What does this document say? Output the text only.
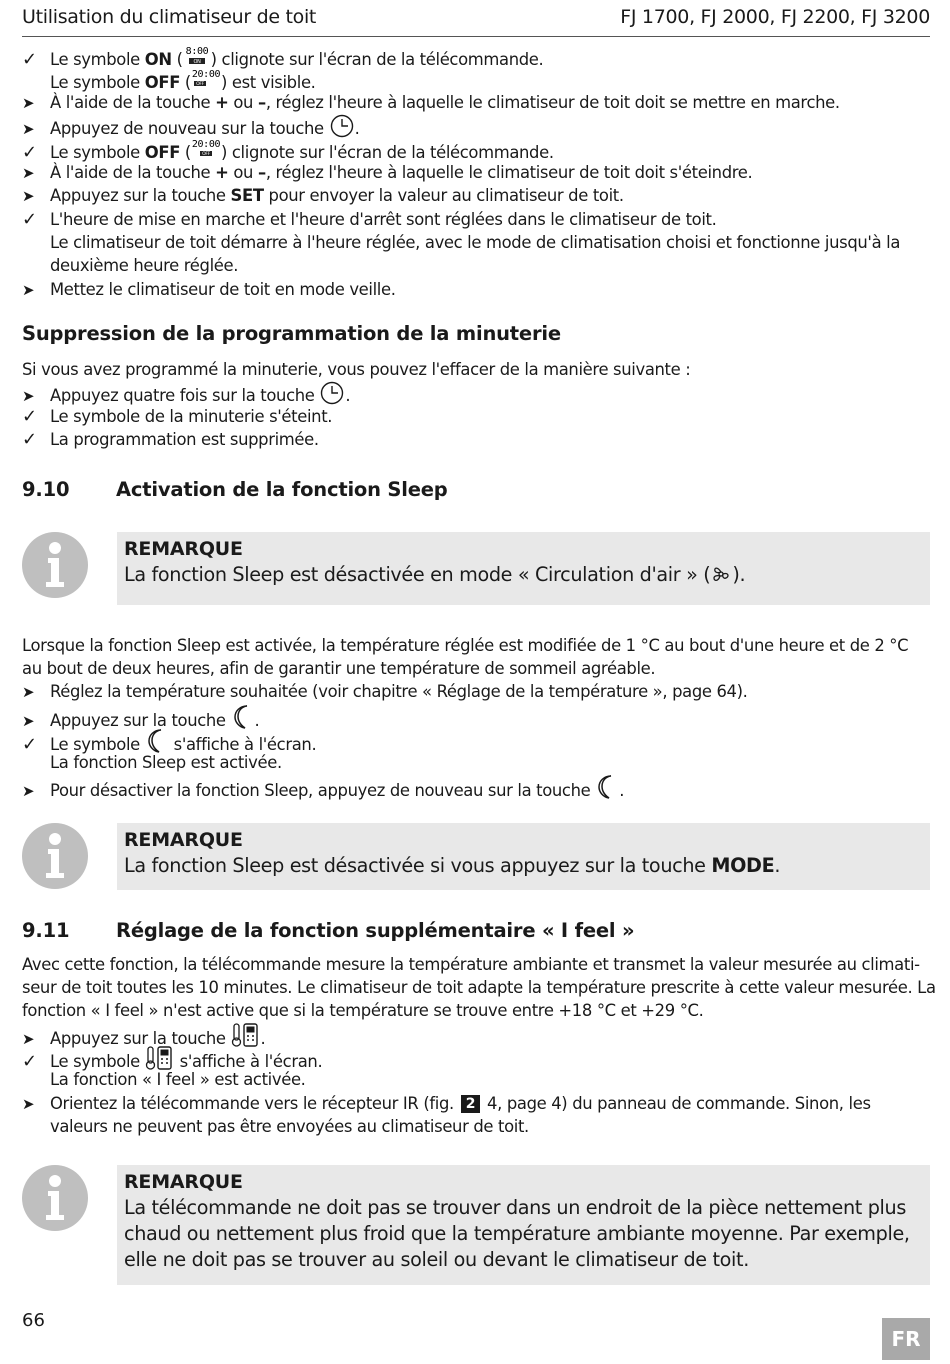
Utilisation du climatiseur de toit	FJ 1700, FJ 2000, FJ 2200, FJ 3200
✓ Le symbole ON ( 8:00
ON ) clignote sur l'écran de la télécommande.
Le symbole OFF ( 20:00
OFF ) est visible.
➤ À l'aide de la touche + ou –, réglez l'heure à laquelle le climatiseur de toit doit se mettre en marche.
➤ Appuyez de nouveau sur la touche .
✓ Le symbole OFF ( 20:00
OFF ) clignote sur l'écran de la télécommande.
➤ À l'aide de la touche + ou –, réglez l'heure à laquelle le climatiseur de toit doit s'éteindre.
➤ Appuyez sur la touche SET pour envoyer la valeur au climatiseur de toit.
✓ L'heure de mise en marche et l'heure d'arrêt sont réglées dans le climatiseur de toit.
Le climatiseur de toit démarre à l'heure réglée, avec le mode de climatisation choisi et fonctionne jusqu'à la
deuxième heure réglée.
➤ Mettez le climatiseur de toit en mode veille.
Suppression de la programmation de la minuterie
Si vous avez programmé la minuterie, vous pouvez l'effacer de la manière suivante :
➤ Appuyez quatre fois sur la touche .
✓ Le symbole de la minuterie s'éteint.
✓ La programmation est supprimée.
9.10 Activation de la fonction Sleep
REMARQUE
La fonction Sleep est désactivée en mode « Circulation d'air » ( ).
Lorsque la fonction Sleep est activée, la température réglée est modifiée de 1 °C au bout d'une heure et de 2 °C
au bout de deux heures, afin de garantir une température de sommeil agréable.
➤ Réglez la température souhaitée (voir chapitre « Réglage de la température », page 64).
➤ Appuyez sur la touche .
✓ Le symbole  s'affiche à l'écran.
La fonction Sleep est activée.
➤ Pour désactiver la fonction Sleep, appuyez de nouveau sur la touche .
REMARQUE
La fonction Sleep est désactivée si vous appuyez sur la touche MODE.
9.11 Réglage de la fonction supplémentaire « I feel »
Avec cette fonction, la télécommande mesure la température ambiante et transmet la valeur mesurée au climati-
seur de toit toutes les 10 minutes. Le climatiseur de toit adapte la température prescrite à cette valeur mesurée. La
fonction « I feel » n'est active que si la température se trouve entre +18 °C et +29 °C.
➤ Appuyez sur la touche .
✓ Le symbole  s'affiche à l'écran.
La fonction « I feel » est activée.
➤ Orientez la télécommande vers le récepteur IR (fig. 2 4, page 4) du panneau de commande. Sinon, les
valeurs ne peuvent pas être envoyées au climatiseur de toit.
REMARQUE
La télécommande ne doit pas se trouver dans un endroit de la pièce nettement plus
chaud ou nettement plus froid que la température ambiante moyenne. Par exemple,
elle ne doit pas se trouver au soleil ou devant le climatiseur de toit.
66
FR
